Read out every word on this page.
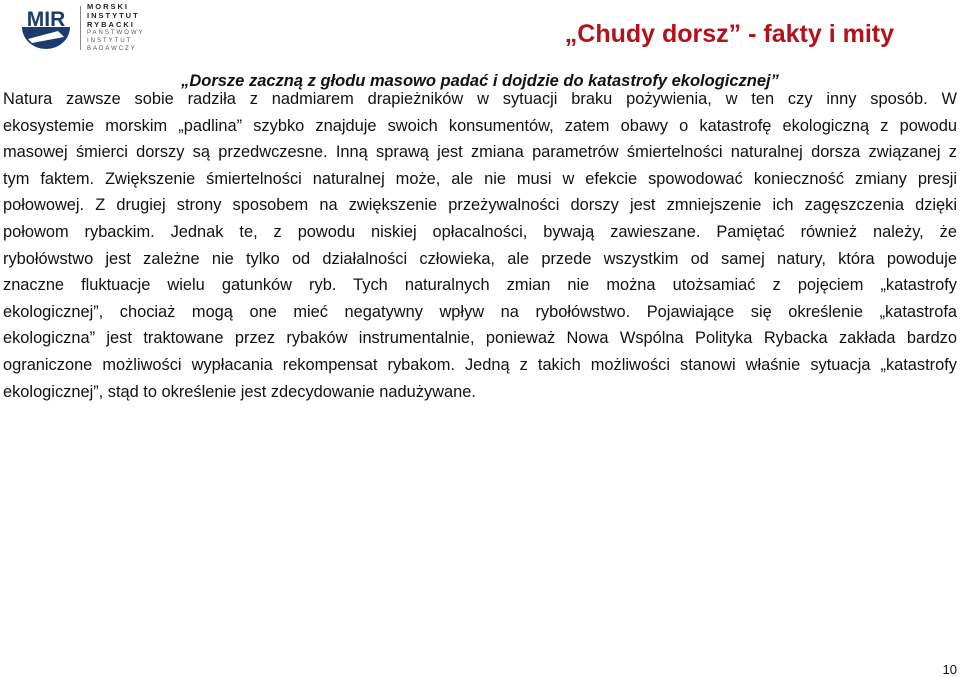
MIR
MORSKI
INSTYTUT
RYBACKI
PAŃSTWOWY
INSTYTUT
BADAWCZY
„Chudy dorsz” - fakty i mity
„Dorsze zaczną z głodu masowo padać i dojdzie do katastrofy ekologicznej”
Natura zawsze sobie radziła z nadmiarem drapieżników w sytuacji braku pożywienia, w ten czy inny sposób. W
ekosystemie morskim „padlina” szybko znajduje swoich konsumentów, zatem obawy o katastrofę ekologiczną z powodu
masowej śmierci dorszy są przedwczesne. Inną sprawą jest zmiana parametrów śmiertelności naturalnej dorsza związanej z
tym faktem. Zwiększenie śmiertelności naturalnej może, ale nie musi w efekcie spowodować konieczność zmiany presji
połowowej. Z drugiej strony sposobem na zwiększenie przeżywalności dorszy jest zmniejszenie ich zagęszczenia dzięki
połowom rybackim. Jednak te, z powodu niskiej opłacalności, bywają zawieszane. Pamiętać również należy, że
rybołówstwo jest zależne nie tylko od działalności człowieka, ale przede wszystkim od samej natury, która powoduje
znaczne fluktuacje wielu gatunków ryb. Tych naturalnych zmian nie można utożsamiać z pojęciem „katastrofy
ekologicznej”, chociaż mogą one mieć negatywny wpływ na rybołówstwo. Pojawiające się określenie „katastrofa
ekologiczna” jest traktowane przez rybaków instrumentalnie, ponieważ Nowa Wspólna Polityka Rybacka zakłada bardzo
ograniczone możliwości wypłacania rekompensat rybakom. Jedną z takich możliwości stanowi właśnie sytuacja „katastrofy
ekologicznej”, stąd to określenie jest zdecydowanie nadużywane.
10
